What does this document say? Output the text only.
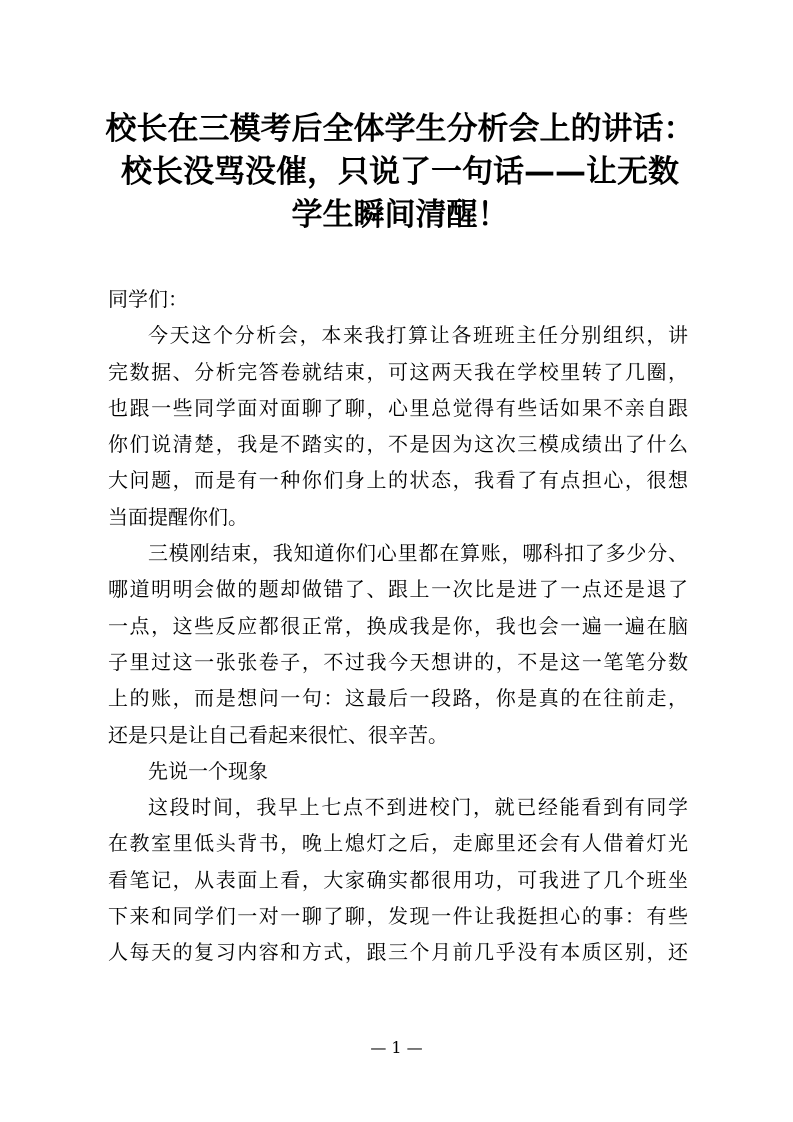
校长在三模考后全体学生分析会上的讲话：
校长没骂没催，只说了一句话——让无数
学生瞬间清醒！
同学们：
今天这个分析会，本来我打算让各班班主任分别组织，讲
完数据、分析完答卷就结束，可这两天我在学校里转了几圈，
也跟一些同学面对面聊了聊，心里总觉得有些话如果不亲自跟
你们说清楚，我是不踏实的，不是因为这次三模成绩出了什么
大问题，而是有一种你们身上的状态，我看了有点担心，很想
当面提醒你们。
三模刚结束，我知道你们心里都在算账，哪科扣了多少分、
哪道明明会做的题却做错了、跟上一次比是进了一点还是退了
一点，这些反应都很正常，换成我是你，我也会一遍一遍在脑
子里过这一张张卷子，不过我今天想讲的，不是这一笔笔分数
上的账，而是想问一句：这最后一段路，你是真的在往前走，
还是只是让自己看起来很忙、很辛苦。
先说一个现象
这段时间，我早上七点不到进校门，就已经能看到有同学
在教室里低头背书，晚上熄灯之后，走廊里还会有人借着灯光
看笔记，从表面上看，大家确实都很用功，可我进了几个班坐
下来和同学们一对一聊了聊，发现一件让我挺担心的事：有些
人每天的复习内容和方式，跟三个月前几乎没有本质区别，还
— 1 —
